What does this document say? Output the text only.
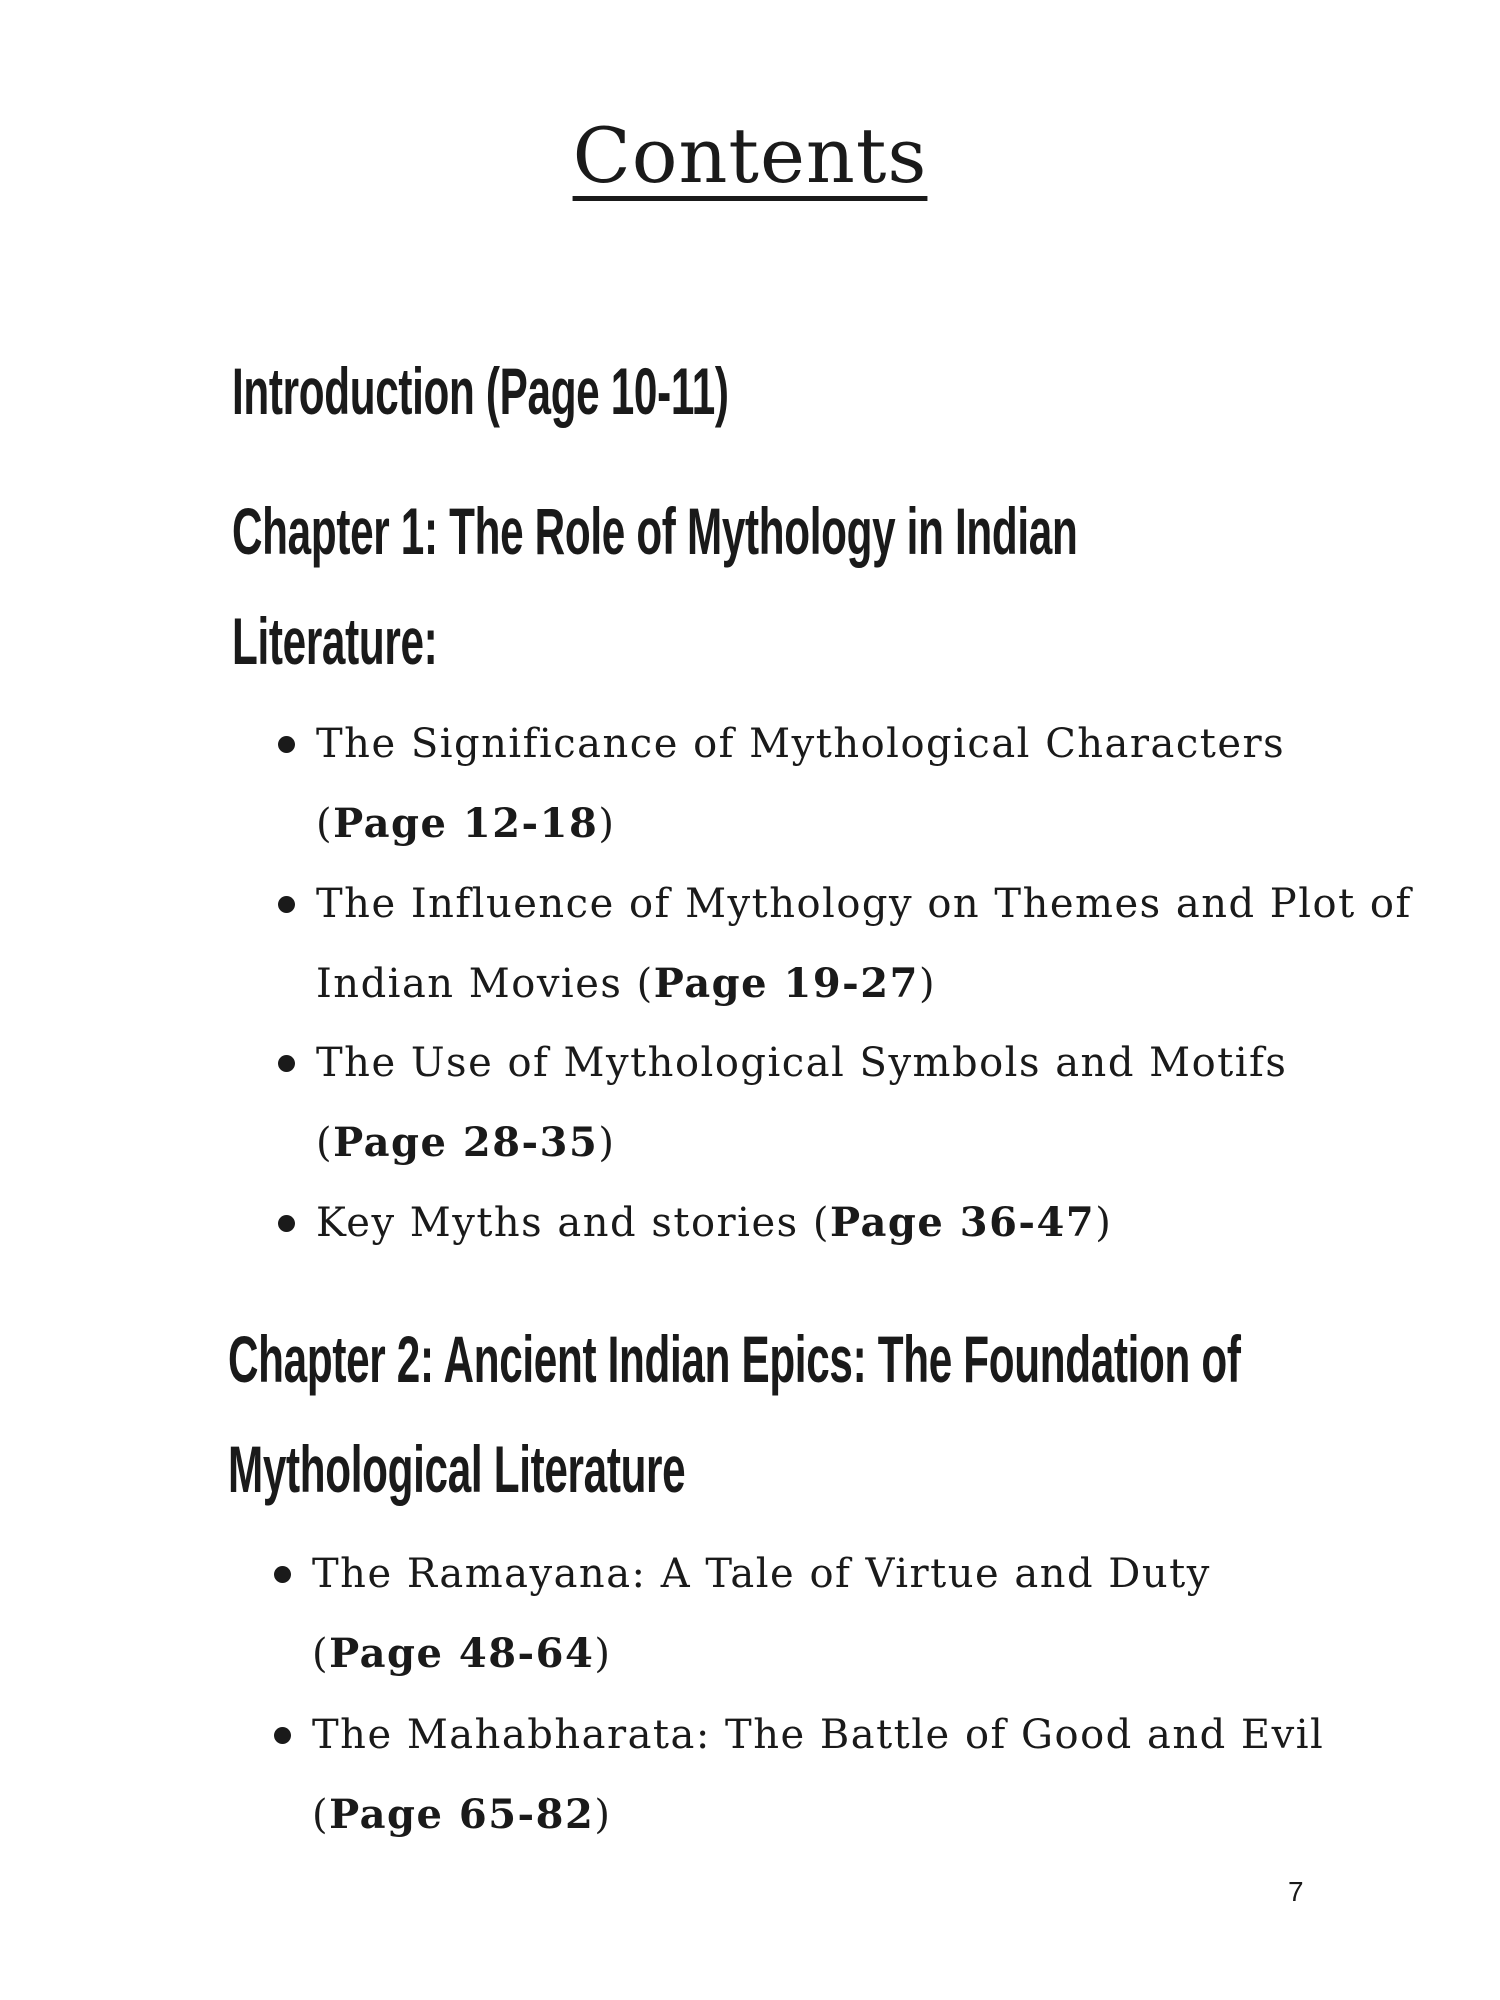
Contents
Introduction (Page 10-11)
Chapter 1: The Role of Mythology in Indian
Literature:
The Significance of Mythological Characters
(Page 12-18)
The Influence of Mythology on Themes and Plot of
Indian Movies (Page 19-27)
The Use of Mythological Symbols and Motifs
(Page 28-35)
Key Myths and stories (Page 36-47)
Chapter 2: Ancient Indian Epics: The Foundation of
Mythological Literature
The Ramayana: A Tale of Virtue and Duty
(Page 48-64)
The Mahabharata: The Battle of Good and Evil
(Page 65-82)
7
